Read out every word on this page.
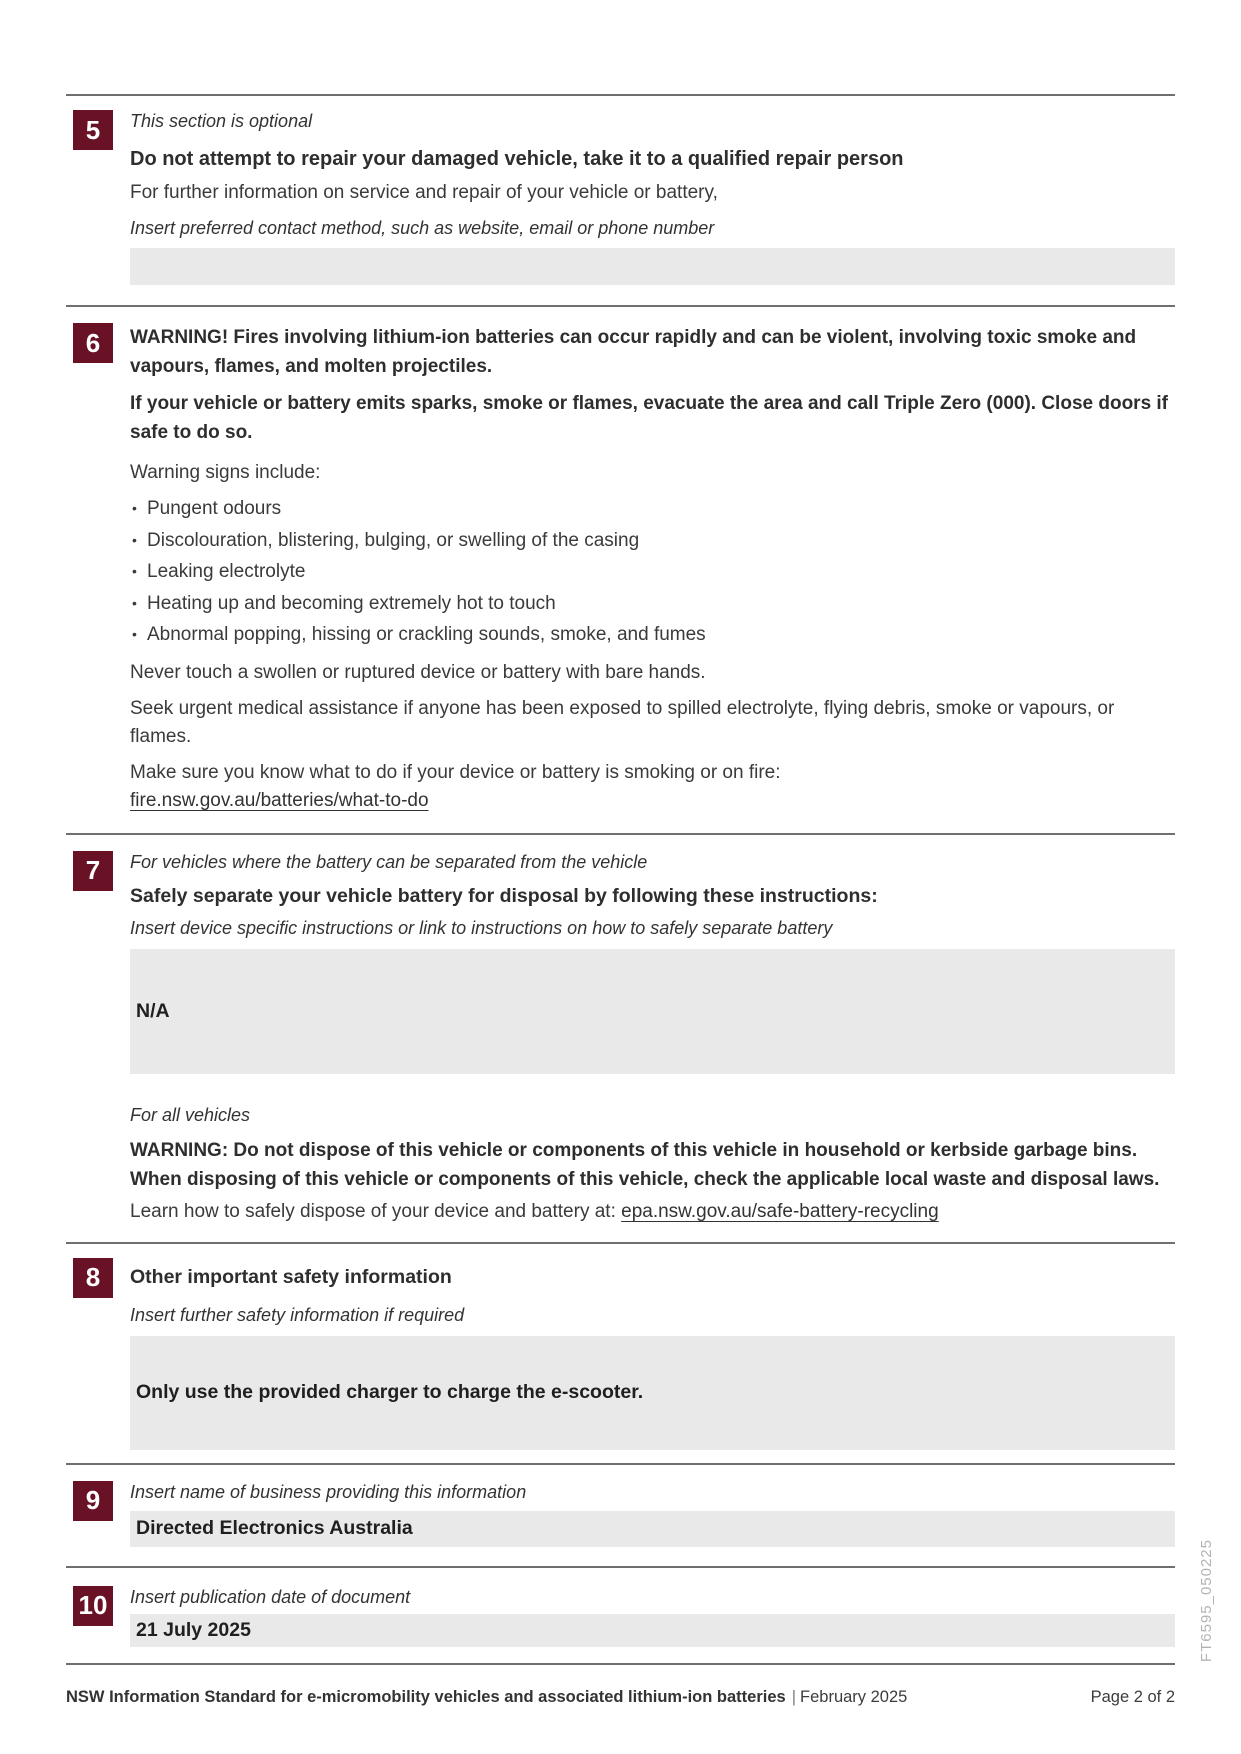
5	This section is optional
Do not attempt to repair your damaged vehicle, take it to a qualified repair person
For further information on service and repair of your vehicle or battery,
Insert preferred contact method, such as website, email or phone number
6	WARNING! Fires involving lithium-ion batteries can occur rapidly and can be violent, involving toxic smoke and vapours, flames, and molten projectiles.
If your vehicle or battery emits sparks, smoke or flames, evacuate the area and call Triple Zero (000). Close doors if safe to do so.
Warning signs include:
• Pungent odours
• Discolouration, blistering, bulging, or swelling of the casing
• Leaking electrolyte
• Heating up and becoming extremely hot to touch
• Abnormal popping, hissing or crackling sounds, smoke, and fumes
Never touch a swollen or ruptured device or battery with bare hands.
Seek urgent medical assistance if anyone has been exposed to spilled electrolyte, flying debris, smoke or vapours, or flames.
Make sure you know what to do if your device or battery is smoking or on fire:
fire.nsw.gov.au/batteries/what-to-do
7	For vehicles where the battery can be separated from the vehicle
Safely separate your vehicle battery for disposal by following these instructions:
Insert device specific instructions or link to instructions on how to safely separate battery
N/A
For all vehicles
WARNING: Do not dispose of this vehicle or components of this vehicle in household or kerbside garbage bins. When disposing of this vehicle or components of this vehicle, check the applicable local waste and disposal laws.
Learn how to safely dispose of your device and battery at: epa.nsw.gov.au/safe-battery-recycling
8	Other important safety information
Insert further safety information if required
Only use the provided charger to charge the e-scooter.
9	Insert name of business providing this information
Directed Electronics Australia
10	Insert publication date of document
21 July 2025
NSW Information Standard for e-micromobility vehicles and associated lithium-ion batteries | February 2025	Page 2 of 2
FT6595_050225
